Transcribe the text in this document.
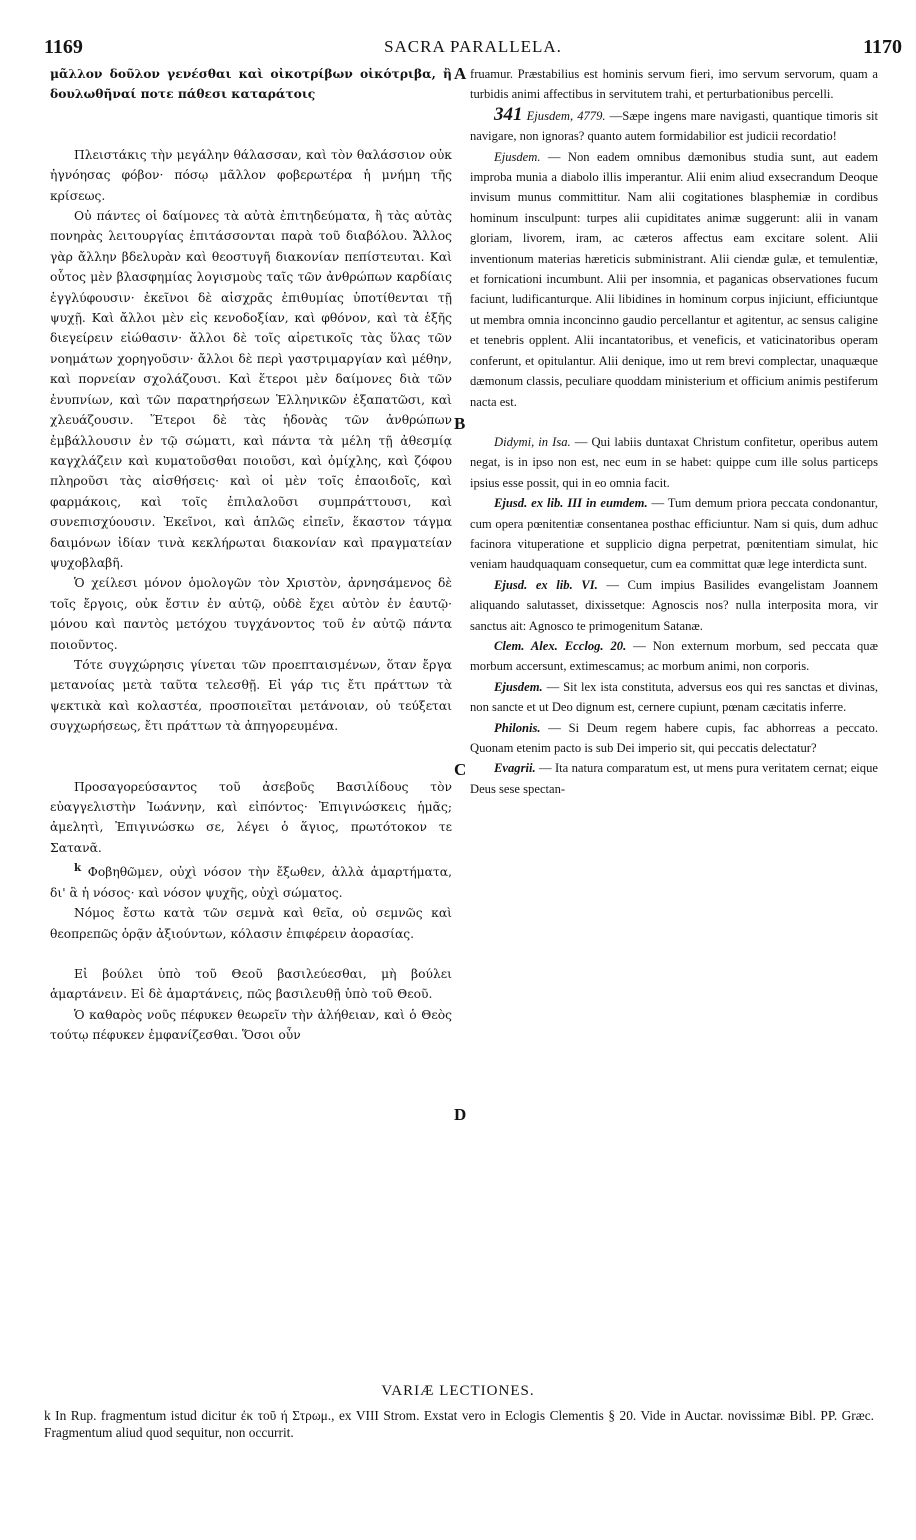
1169	SACRA PARALLELA.	1170

μᾶλλον δοῦλον γενέσθαι καὶ οἰκοτρίβων οἰκότριβα, ἢ δουλωθῆναί ποτε πάθεσι καταράτοις

Πλειστάκις τὴν μεγάλην θάλασσαν, καὶ τὸν θαλάσσιον οὐκ ἠγνόησας φόβον· πόσῳ μᾶλλον φοβερωτέρα ἡ μνήμη τῆς κρίσεως.

Οὐ πάντες οἱ δαίμονες τὰ αὐτὰ ἐπιτηδεύματα, ἢ τὰς αὐτὰς πονηρὰς λειτουργίας ἐπιτάσσονται παρὰ τοῦ διαβόλου. Ἄλλος γὰρ ἄλλην βδελυρὰν καὶ θεοστυγῆ διακονίαν πεπίστευται. Καὶ οὗτος μὲν βλασφημίας λογισμοὺς ταῖς τῶν ἀνθρώπων καρδίαις ἐγγλύφουσιν· ἐκεῖνοι δὲ αἰσχρᾶς ἐπιθυμίας ὑποτίθενται τῇ ψυχῇ. Καὶ ἄλλοι μὲν εἰς κενοδοξίαν, καὶ φθόνον, καὶ τὰ ἑξῆς διεγείρειν εἰώθασιν· ἄλλοι δὲ τοῖς αἱρετικοῖς τὰς ὕλας τῶν νοημάτων χορηγοῦσιν· ἄλλοι δὲ περὶ γαστριμαργίαν καὶ μέθην, καὶ πορνείαν σχολάζουσι. Καὶ ἕτεροι μὲν δαίμονες διὰ τῶν ἐνυπνίων, καὶ τῶν παρατηρήσεων Ἑλληνικῶν ἐξαπατῶσι, καὶ χλευάζουσιν. Ἕτεροι δὲ τὰς ἡδονὰς τῶν ἀνθρώπων ἐμβάλλουσιν ἐν τῷ σώματι, καὶ πάντα τὰ μέλη τῇ ἀθεσμίᾳ καγχλάζειν καὶ κυματοῦσθαι ποιοῦσι, καὶ ὀμίχλης, καὶ ζόφου πληροῦσι τὰς αἰσθήσεις· καὶ οἱ μὲν τοῖς ἐπαοιδοῖς, καὶ φαρμάκοις, καὶ τοῖς ἐπιλαλοῦσι συμπράττουσι, καὶ συνεπισχύουσιν. Ἐκεῖνοι, καὶ ἁπλῶς εἰπεῖν, ἕκαστον τάγμα δαιμόνων ἰδίαν τινὰ κεκλήρωται διακονίαν καὶ πραγματείαν ψυχοβλαβῆ.

Ὁ χείλεσι μόνον ὁμολογῶν τὸν Χριστὸν, ἀρνησάμενος δὲ τοῖς ἔργοις, οὐκ ἔστιν ἐν αὐτῷ, οὐδὲ ἔχει αὐτὸν ἐν ἑαυτῷ· μόνου καὶ παντὸς μετόχου τυγχάνοντος τοῦ ἐν αὐτῷ πάντα ποιοῦντος.

Τότε συγχώρησις γίνεται τῶν προεπταισμένων, ὅταν ἔργα μετανοίας μετὰ ταῦτα τελεσθῇ. Εἰ γάρ τις ἔτι πράττων τὰ ψεκτικὰ καὶ κολαστέα, προσποιεῖται μετάνοιαν, οὐ τεύξεται συγχωρήσεως, ἔτι πράττων τὰ ἀπηγορευμένα.

Προσαγορεύσαντος τοῦ ἀσεβοῦς Βασιλίδους τὸν εὐαγγελιστὴν Ἰωάννην, καὶ εἰπόντος· Ἐπιγινώσκεις ἡμᾶς; ἀμελητὶ, Ἐπιγινώσκω σε, λέγει ὁ ἅγιος, πρωτότοκον τε Σατανᾶ.

$^k$ Φοβηθῶμεν, οὐχὶ νόσον τὴν ἔξωθεν, ἀλλὰ ἁμαρτήματα, δι' ἃ ἡ νόσος· καὶ νόσον ψυχῆς, οὐχὶ σώματος.

Νόμος ἔστω κατὰ τῶν σεμνὰ καὶ θεῖα, οὐ σεμνῶς καὶ θεοπρεπῶς ὁρᾷν ἀξιούντων, κόλασιν ἐπιφέρειν ἀορασίας.

Εἰ βούλει ὑπὸ τοῦ Θεοῦ βασιλεύεσθαι, μὴ βούλει ἁμαρτάνειν. Εἰ δὲ ἁμαρτάνεις, πῶς βασιλευθῇ ὑπὸ τοῦ Θεοῦ.

Ὁ καθαρὸς νοῦς πέφυκεν θεωρεῖν τὴν ἀλήθειαν, καὶ ὁ Θεὸς τούτῳ πέφυκεν ἐμφανίζεσθαι. Ὅσοι οὖν

A
B
C
D

fruamur. Præstabilius est hominis servum fieri, imo servum servorum, quam a turbidis animi affectibus in servitutem trahi, et perturbationibus percelli.

341 Ejusdem, 4779. —Sæpe ingens mare navigasti, quantique timoris sit navigare, non ignoras? quanto autem formidabilior est judicii recordatio!

Ejusdem. — Non eadem omnibus dæmonibus studia sunt, aut eadem improba munia a diabolo illis imperantur. Alii enim aliud exsecrandum Deoque invisum munus committitur. Nam alii cogitationes blasphemiæ in cordibus hominum insculpunt: turpes alii cupiditates animæ suggerunt: alii in vanam gloriam, livorem, iram, ac cæteros affectus eam excitare solent. Alii inventionum materias hæreticis subministrant. Alii ciendæ gulæ, et temulentiæ, et fornicationi incumbunt. Alii per insomnia, et paganicas observationes fucum faciunt, ludificanturque. Alii libidines in hominum corpus injiciunt, efficiuntque ut membra omnia inconcinno gaudio percellantur et agitentur, ac sensus caligine et tenebris opplent. Alii incantatoribus, et veneficis, et vaticinatoribus operam conferunt, et opitulantur. Alii denique, imo ut rem brevi complectar, unaquæque dæmonum classis, peculiare quoddam ministerium et officium animis pestiferum nacta est.

Didymi, in Isa. — Qui labiis duntaxat Christum confitetur, operibus autem negat, is in ipso non est, nec eum in se habet: quippe cum ille solus particeps ipsius esse possit, qui in eo omnia facit.

Ejusd. ex lib. III in eumdem. — Tum demum priora peccata condonantur, cum opera pœnitentiæ consentanea posthac efficiuntur. Nam si quis, dum adhuc facinora vituperatione et supplicio digna perpetrat, pœnitentiam simulat, hic veniam haudquaquam consequetur, cum ea committat quæ lege interdicta sunt.

Ejusd. ex lib. VI. — Cum impius Basilides evangelistam Joannem aliquando salutasset, dixissetque: Agnoscis nos? nulla interposita mora, vir sanctus ait: Agnosco te primogenitum Satanæ.

Clem. Alex. Ecclog. 20. — Non externum morbum, sed peccata quæ morbum accersunt, extimescamus; ac morbum animi, non corporis.

Ejusdem. — Sit lex ista constituta, adversus eos qui res sanctas et divinas, non sancte et ut Deo dignum est, cernere cupiunt, pœnam cæcitatis inferre.

Philonis. — Si Deum regem habere cupis, fac abhorreas a peccato. Quonam etenim pacto is sub Dei imperio sit, qui peccatis delectatur?

Evagrii. — Ita natura comparatum est, ut mens pura veritatem cernat; eique Deus sese spectan-

VARIÆ LECTIONES.
k In Rup. fragmentum istud dicitur ἐκ τοῦ ή Στρωμ., ex VIII Strom. Exstat vero in Eclogis Clementis § 20. Vide in Auctar. novissimæ Bibl. PP. Græc. Fragmentum aliud quod sequitur, non occurrit.
